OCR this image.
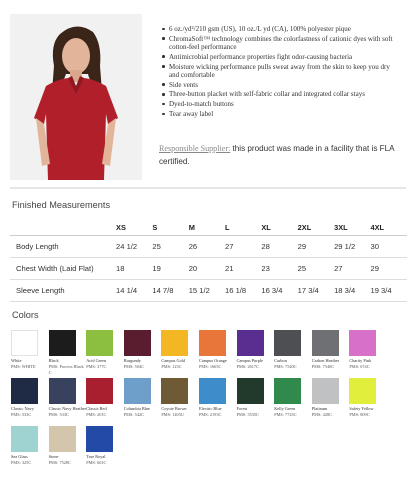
6 oz./yd²/210 gsm (US), 10 oz./L yd (CA), 100% polyester pique
ChromaSoft™ technology combines the colorfastness of cationic dyes with soft cotton-feel performance
Antimicrobial performance properties fight odor-causing bacteria
Moisture wicking performance pulls sweat away from the skin to keep you dry and comfortable
Side vents
Three-button placket with self-fabric collar and integrated collar stays
Dyed-to-match buttons
Tear away label

Responsible Supplier: this product was made in a facility that is FLA certified.

Finished Measurements
	XS	S	M	L	XL	2XL	3XL	4XL
Body Length	24 1/2	25	26	27	28	29	29 1/2	30
Chest Width (Laid Flat)	18	19	20	21	23	25	27	29
Sleeve Length	14 1/4	14 7/8	15 1/2	16 1/8	16 3/4	17 3/4	18 3/4	19 3/4
Colors
White
PMS: WHITE
Black
PMS: Process Black C
Acid Green
PMS: 377C
Burgundy
PMS: 504C
Campus Gold
PMS: 123C
Campus Orange
PMS: 1665C
Campus Purple
PMS: 2617C
Carbon
PMS: 7540C
Carbon Heather
PMS: 7540C
Charity Pink
PMS: 674C
Classic Navy
PMS: 533C
Classic Navy Heather
PMS: 533C
Classic Red
PMS: 201C
Columbia Blue
PMS: 542C
Coyote Brown
PMS: 1405U
Electric Blue
PMS: 2193C
Forest
PMS: 5535C
Kelly Green
PMS: 7725C
Platinum
PMS: 428C
Safety Yellow
PMS: 809C
Sea Glass
PMS: 325C
Stone
PMS: 7528C
True Royal
PMS: 661C
